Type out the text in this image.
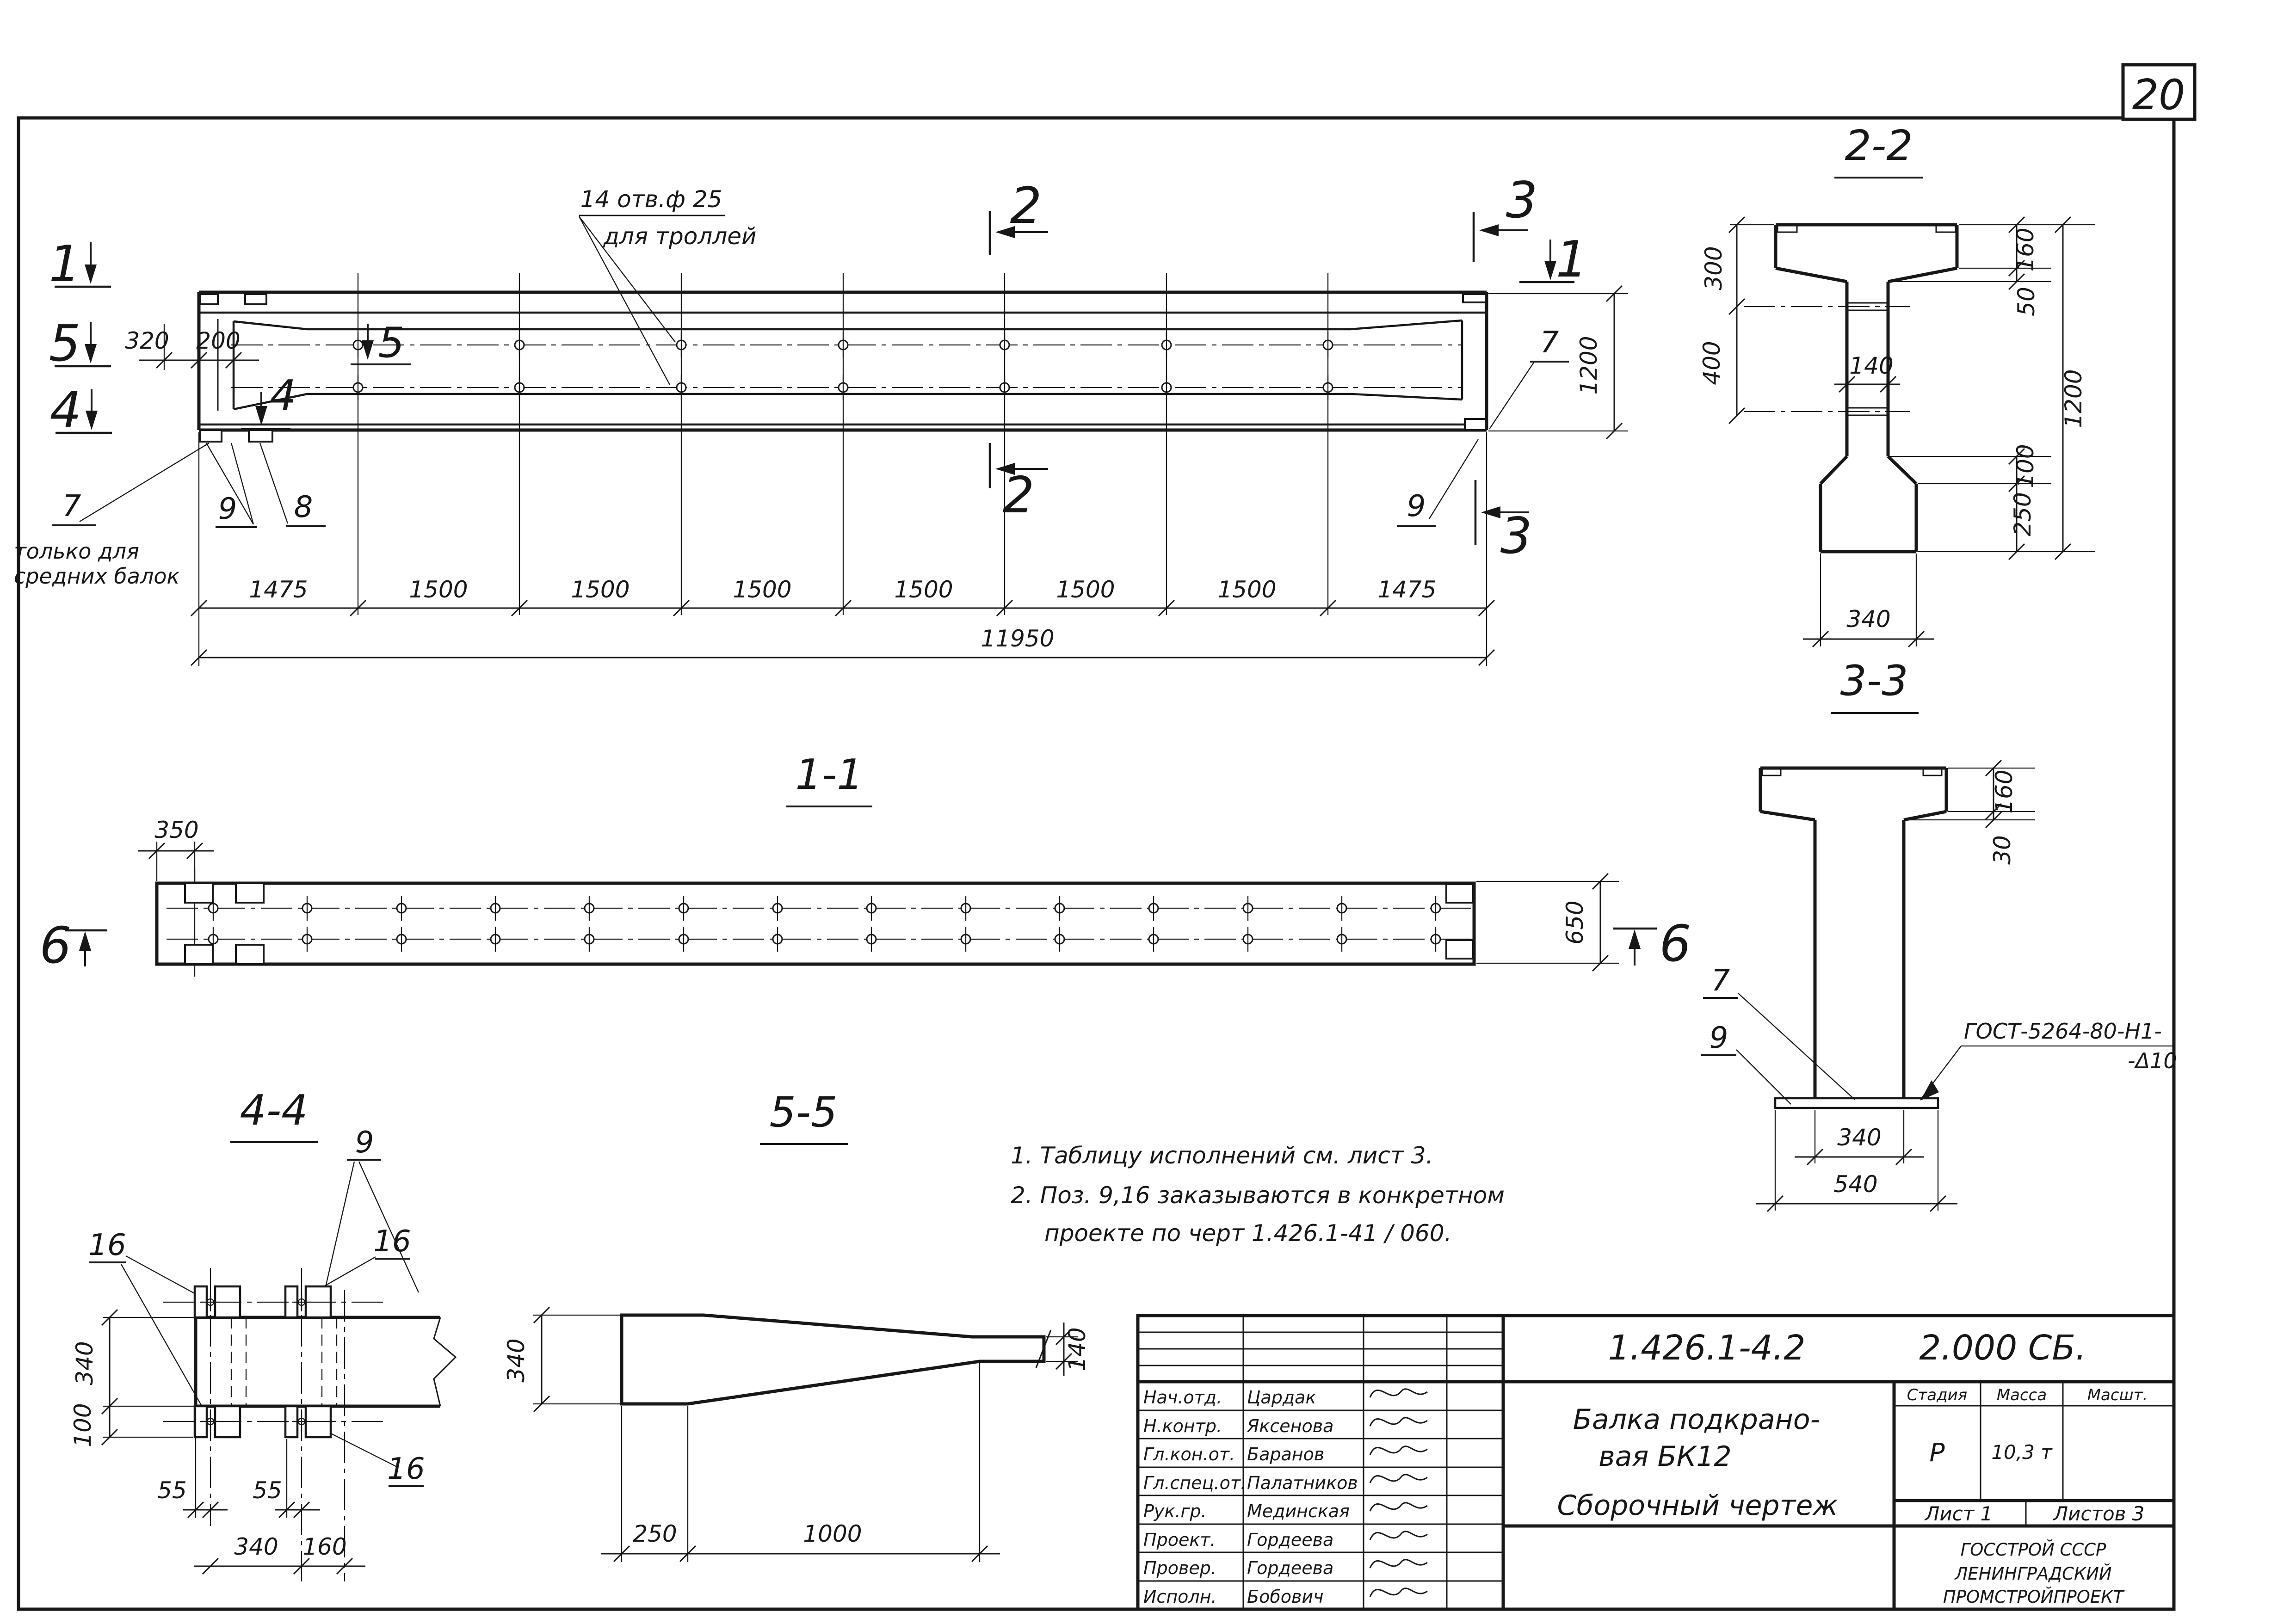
20
14 отв.ф 25
для троллей
1
5
4
5
4
2
2
3
3
1
320 200
7
только для
средних балок
9 8
7
9
1200
1475	1500	1500	1500	1500	1500	1500	1475
11950
1-1
350
650
6	6
2-2
300
400	140
160
50
100
250
1200
340
3-3
160
30
7
9	ГОСТ-5264-80-Н1-
-Δ10
340
540
4-4
9
16	16
16
340
100
55	55
340 160
5-5
340	140
250	1000
1. Таблицу исполнений см. лист 3.
2. Поз. 9,16 заказываются в конкретном
проекте по черт 1.426.1-41 / 060.
1.426.1-4.2	2.000 СБ.
Балка подкрано-
вая БК12
Сборочный чертеж
Стадия Масса	Масшт.
Р 10,3 т
Лист 1	Листов 3
ГОССТРОЙ СССР
ЛЕНИНГРАДСКИЙ
ПРОМСТРОЙПРОЕКТ
Нач.отд. Цардак
Н.контр. Яксенова
Гл.кон.от. Баранов
Гл.спец.от. Палатников
Рук.гр. Мединская
Проект. Гордеева
Провер. Гордеева
Исполн. Бобович
